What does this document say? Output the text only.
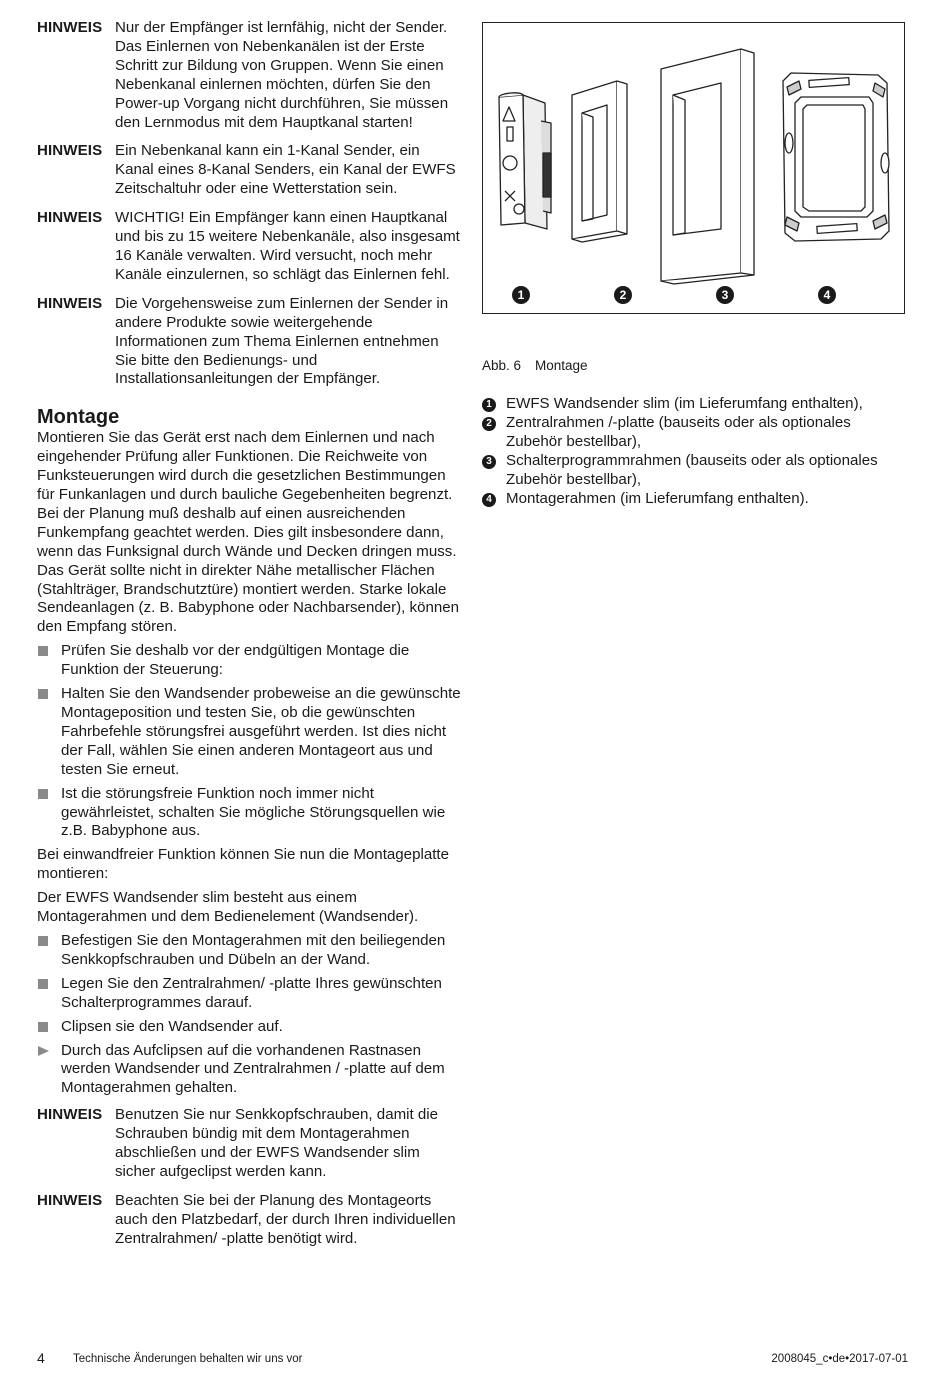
HINWEIS Nur der Empfänger ist lernfähig, nicht der Sender. Das Einlernen von Nebenkanälen ist der Erste Schritt zur Bildung von Gruppen. Wenn Sie einen Nebenkanal einlernen möchten, dürfen Sie den Power-up Vorgang nicht durchführen, Sie müssen den Lernmodus mit dem Hauptkanal starten!
HINWEIS Ein Nebenkanal kann ein 1-Kanal Sender, ein Kanal eines 8-Kanal Senders, ein Kanal der EWFS Zeitschaltuhr oder eine Wetterstation sein.
HINWEIS WICHTIG! Ein Empfänger kann einen Hauptkanal und bis zu 15 weitere Nebenkanäle, also insgesamt 16 Kanäle verwalten. Wird versucht, noch mehr Kanäle einzulernen, so schlägt das Einlernen fehl.
HINWEIS Die Vorgehensweise zum Einlernen der Sender in andere Produkte sowie weitergehende Informationen zum Thema Einlernen entnehmen Sie bitte den Bedienungs- und Installationsanleitungen der Empfänger.
Montage

Montieren Sie das Gerät erst nach dem Einlernen und nach eingehender Prüfung aller Funktionen. Die Reichweite von Funksteuerungen wird durch die gesetzlichen Bestimmungen für Funkanlagen und durch bauliche Gegebenheiten begrenzt. Bei der Planung muß deshalb auf einen ausreichenden Funkempfang geachtet werden. Dies gilt insbesondere dann, wenn das Funksignal durch Wände und Decken dringen muss. Das Gerät sollte nicht in direkter Nähe metallischer Flächen (Stahlträger, Brandschutztüre) montiert werden. Starke lokale Sendeanlagen (z. B. Babyphone oder Nachbarsender), können den Empfang stören.

Prüfen Sie deshalb vor der endgültigen Montage die Funktion der Steuerung:
Halten Sie den Wandsender probeweise an die gewünschte Montageposition und testen Sie, ob die gewünschten Fahrbefehle störungsfrei ausgeführt werden. Ist dies nicht der Fall, wählen Sie einen anderen Montageort aus und testen Sie erneut.
Ist die störungsfreie Funktion noch immer nicht gewährleistet, schalten Sie mögliche Störungsquellen wie z.B. Babyphone aus.

Bei einwandfreier Funktion können Sie nun die Montageplatte montieren:

Der EWFS Wandsender slim besteht aus einem Montagerahmen und dem Bedienelement (Wandsender).

Befestigen Sie den Montagerahmen mit den beiliegenden Senkkopfschrauben und Dübeln an der Wand.
Legen Sie den Zentralrahmen/ -platte Ihres gewünschten Schalterprogrammes darauf.
Clipsen sie den Wandsender auf.
Durch das Aufclipsen auf die vorhandenen Rastnasen werden Wandsender und Zentralrahmen / -platte auf dem Montagerahmen gehalten.
HINWEIS Benutzen Sie nur Senkkopfschrauben, damit die Schrauben bündig mit dem Montagerahmen abschließen und der EWFS Wandsender slim sicher aufgeclipst werden kann.
HINWEIS Beachten Sie bei der Planung des Montageorts auch den Platzbedarf, der durch Ihren individuellen Zentralrahmen/ -platte benötigt wird.
1	2	3	4
Abb. 6 Montage
1 EWFS Wandsender slim (im Lieferumfang enthalten),
2 Zentralrahmen /-platte (bauseits oder als optionales Zubehör bestellbar),
3 Schalterprogrammrahmen (bauseits oder als optionales Zubehör bestellbar),
4 Montagerahmen (im Lieferumfang enthalten).
4 Technische Änderungen behalten wir uns vor	2008045_c•de•2017-07-01
